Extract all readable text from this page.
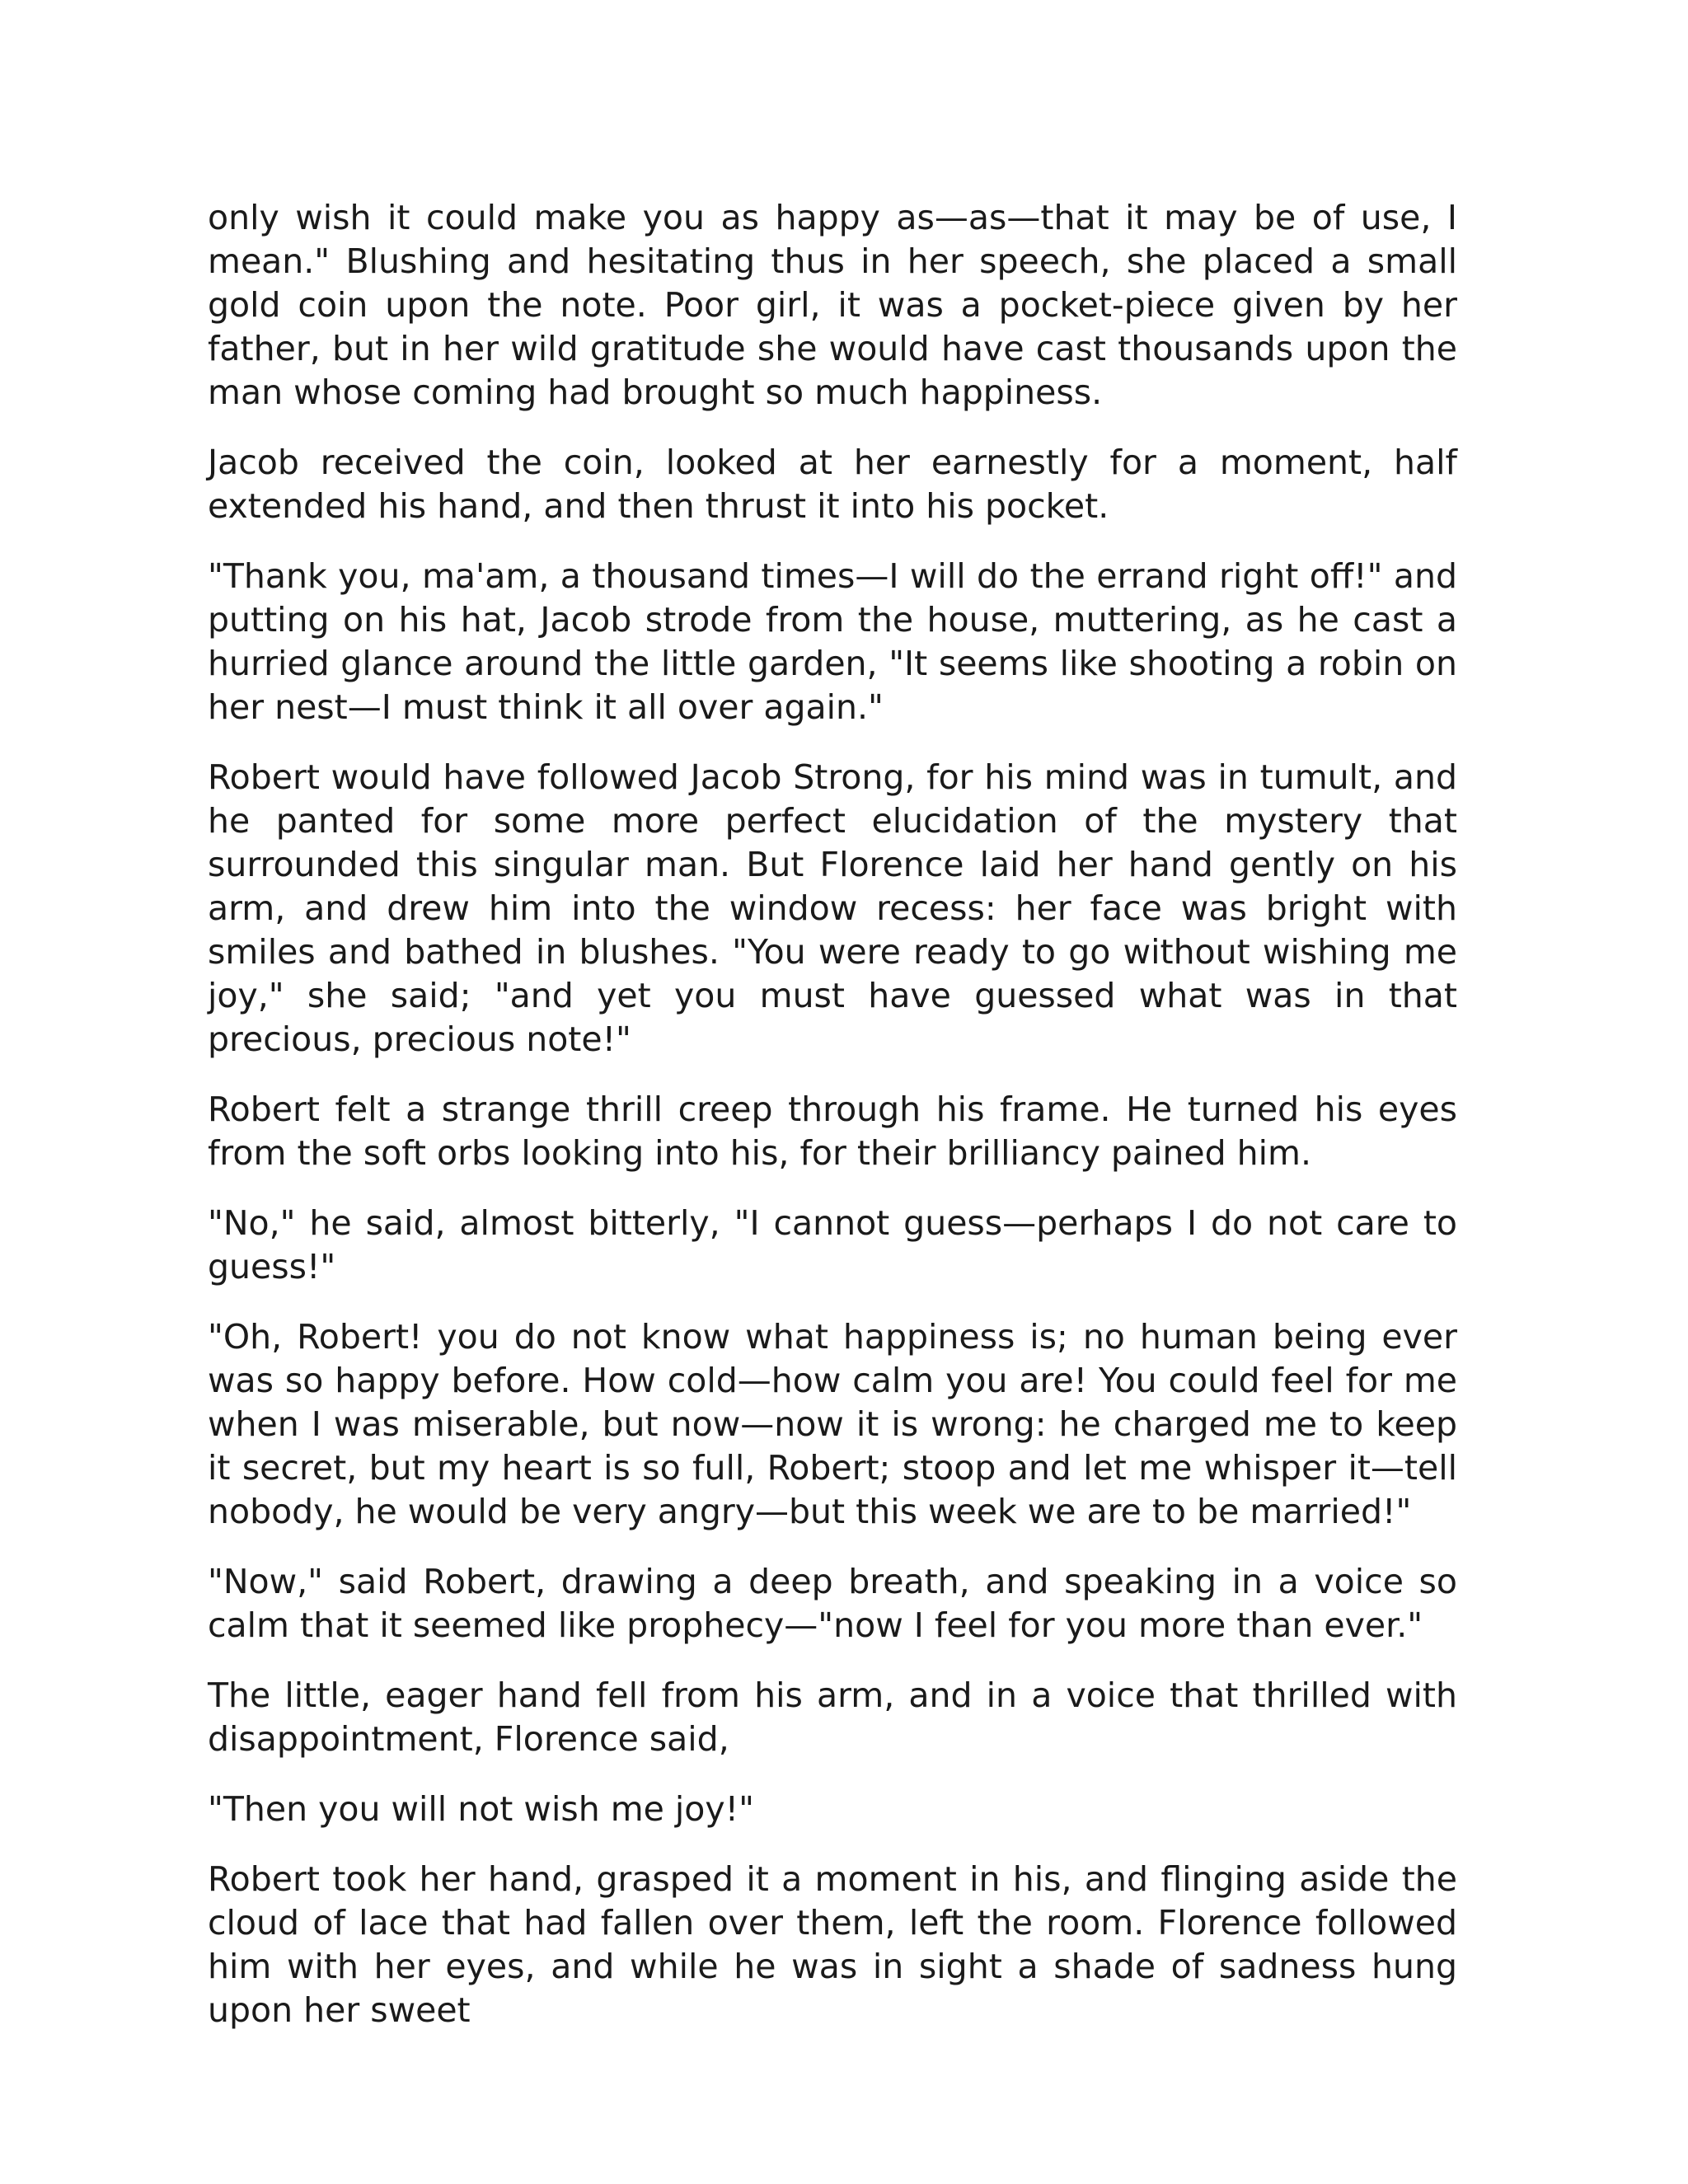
only wish it could make you as happy as—as—that it may be of use, I mean." Blushing and hesitating thus in her speech, she placed a small gold coin upon the note. Poor girl, it was a pocket-piece given by her father, but in her wild gratitude she would have cast thousands upon the man whose coming had brought so much happiness.

Jacob received the coin, looked at her earnestly for a moment, half extended his hand, and then thrust it into his pocket.

"Thank you, ma'am, a thousand times—I will do the errand right off!" and putting on his hat, Jacob strode from the house, muttering, as he cast a hurried glance around the little garden, "It seems like shooting a robin on her nest—I must think it all over again."

Robert would have followed Jacob Strong, for his mind was in tumult, and he panted for some more perfect elucidation of the mystery that surrounded this singular man. But Florence laid her hand gently on his arm, and drew him into the window recess: her face was bright with smiles and bathed in blushes. "You were ready to go without wishing me joy," she said; "and yet you must have guessed what was in that precious, precious note!"

Robert felt a strange thrill creep through his frame. He turned his eyes from the soft orbs looking into his, for their brilliancy pained him.

"No," he said, almost bitterly, "I cannot guess—perhaps I do not care to guess!"

"Oh, Robert! you do not know what happiness is; no human being ever was so happy before. How cold—how calm you are! You could feel for me when I was miserable, but now—now it is wrong: he charged me to keep it secret, but my heart is so full, Robert; stoop and let me whisper it—tell nobody, he would be very angry—but this week we are to be married!"

"Now," said Robert, drawing a deep breath, and speaking in a voice so calm that it seemed like prophecy—"now I feel for you more than ever."

The little, eager hand fell from his arm, and in a voice that thrilled with disappointment, Florence said,

"Then you will not wish me joy!"

Robert took her hand, grasped it a moment in his, and flinging aside the cloud of lace that had fallen over them, left the room. Florence followed him with her eyes, and while he was in sight a shade of sadness hung upon her sweet
